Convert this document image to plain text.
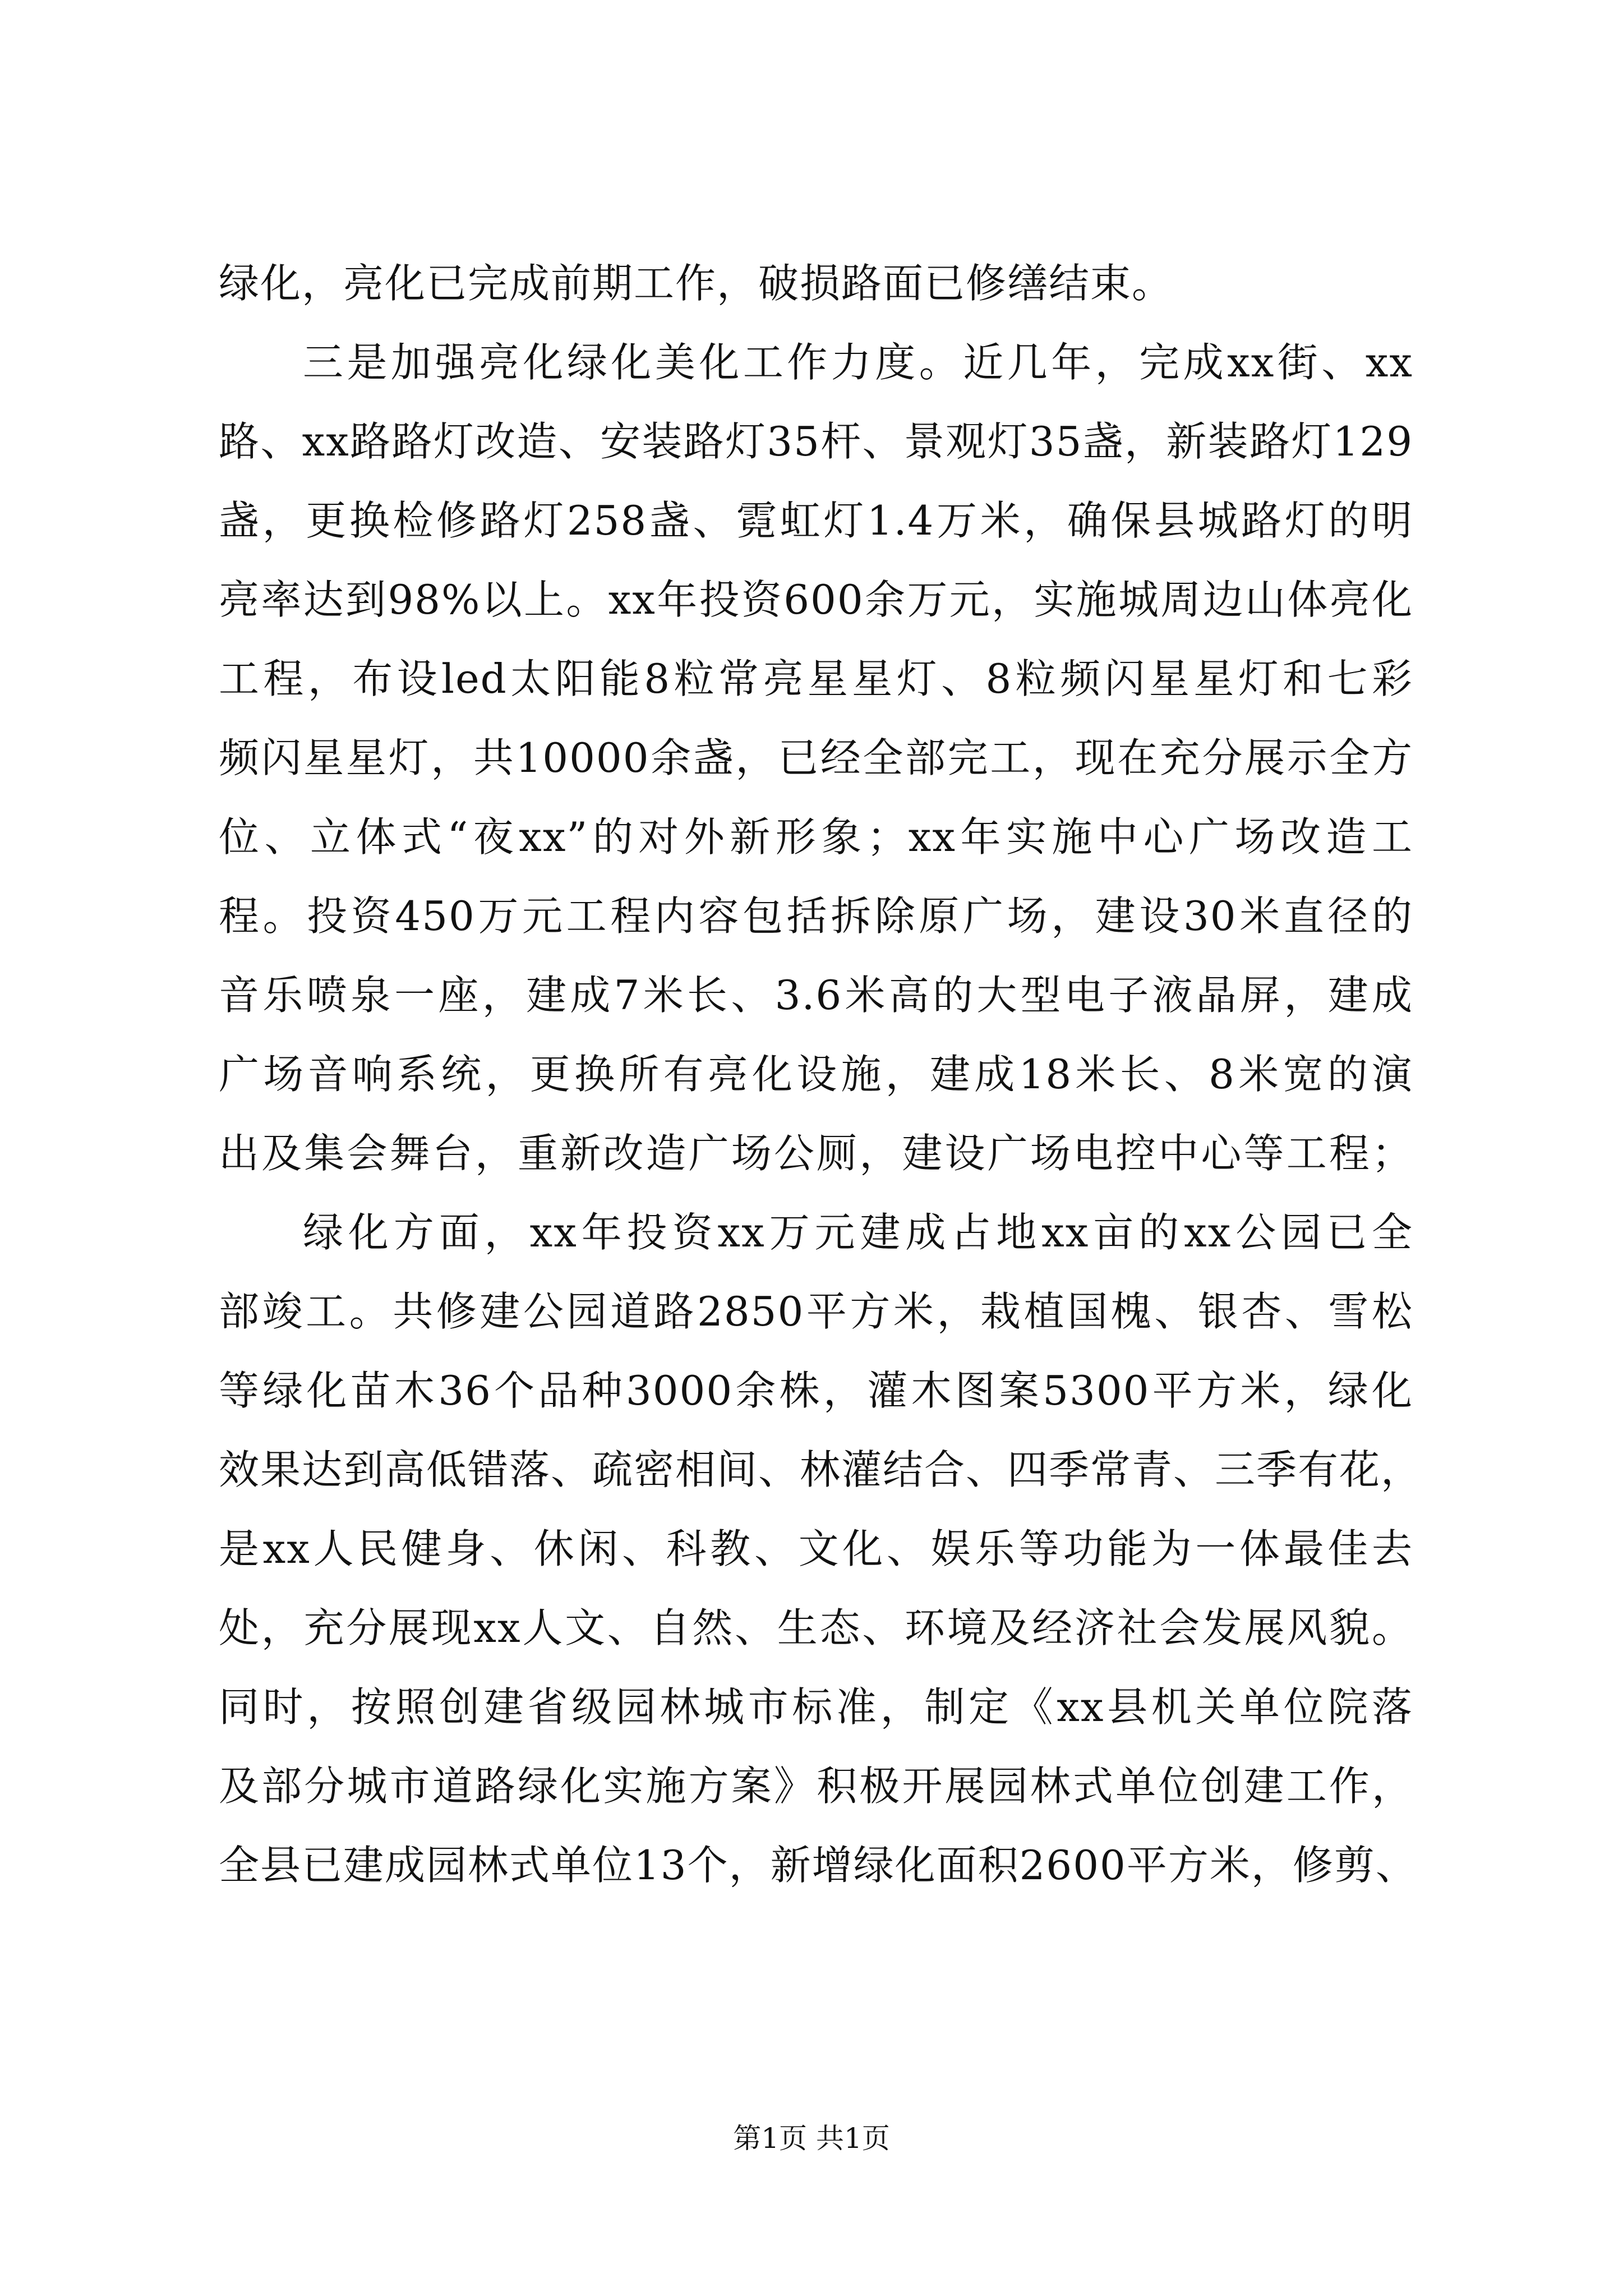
绿化，亮化已完成前期工作，破损路面已修缮结束。
三是加强亮化绿化美化工作力度。近几年，完成xx街、xx
路、xx路路灯改造、安装路灯35杆、景观灯35盏，新装路灯129
盏，更换检修路灯258盏、霓虹灯1.4万米，确保县城路灯的明
亮率达到98%以上。xx年投资600余万元，实施城周边山体亮化
工程，布设led太阳能8粒常亮星星灯、8粒频闪星星灯和七彩
频闪星星灯，共10000余盏，已经全部完工，现在充分展示全方
位、立体式“夜xx”的对外新形象；xx年实施中心广场改造工
程。投资450万元工程内容包括拆除原广场，建设30米直径的
音乐喷泉一座，建成7米长、3.6米高的大型电子液晶屏，建成
广场音响系统，更换所有亮化设施，建成18米长、8米宽的演
出及集会舞台，重新改造广场公厕，建设广场电控中心等工程；
绿化方面，xx年投资xx万元建成占地xx亩的xx公园已全
部竣工。共修建公园道路2850平方米，栽植国槐、银杏、雪松
等绿化苗木36个品种3000余株，灌木图案5300平方米，绿化
效果达到高低错落、疏密相间、林灌结合、四季常青、三季有花，
是xx人民健身、休闲、科教、文化、娱乐等功能为一体最佳去
处，充分展现xx人文、自然、生态、环境及经济社会发展风貌。
同时，按照创建省级园林城市标准，制定《xx县机关单位院落
及部分城市道路绿化实施方案》积极开展园林式单位创建工作，
全县已建成园林式单位13个，新增绿化面积2600平方米，修剪、
第1页 共1页
